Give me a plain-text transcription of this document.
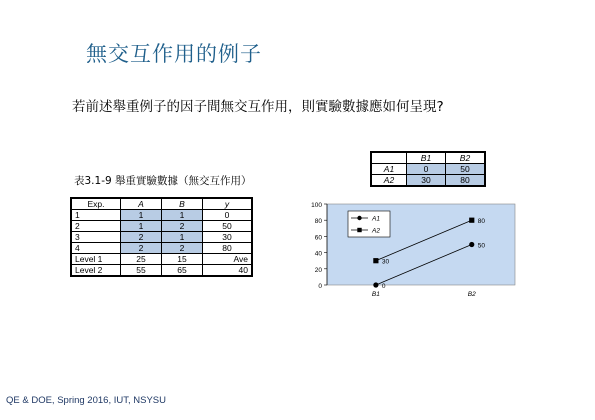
無交互作用的例子
若前述舉重例子的因子間無交互作用，則實驗數據應如何呈現?
	B1	B2
A1	0	50
A2	30	80
表3.1-9 舉重實驗數據（無交互作用）
Exp.	A	B	y
1	1	1	0
2	1	2	50
3	2	1	30
4	2	2	80
Level 1	25	15	Ave
Level 2	55	65	40
0
20
40
60
80
100
B1	B2
0
50
30
80
A1
A2
QE & DOE, Spring 2016, IUT, NSYSU
